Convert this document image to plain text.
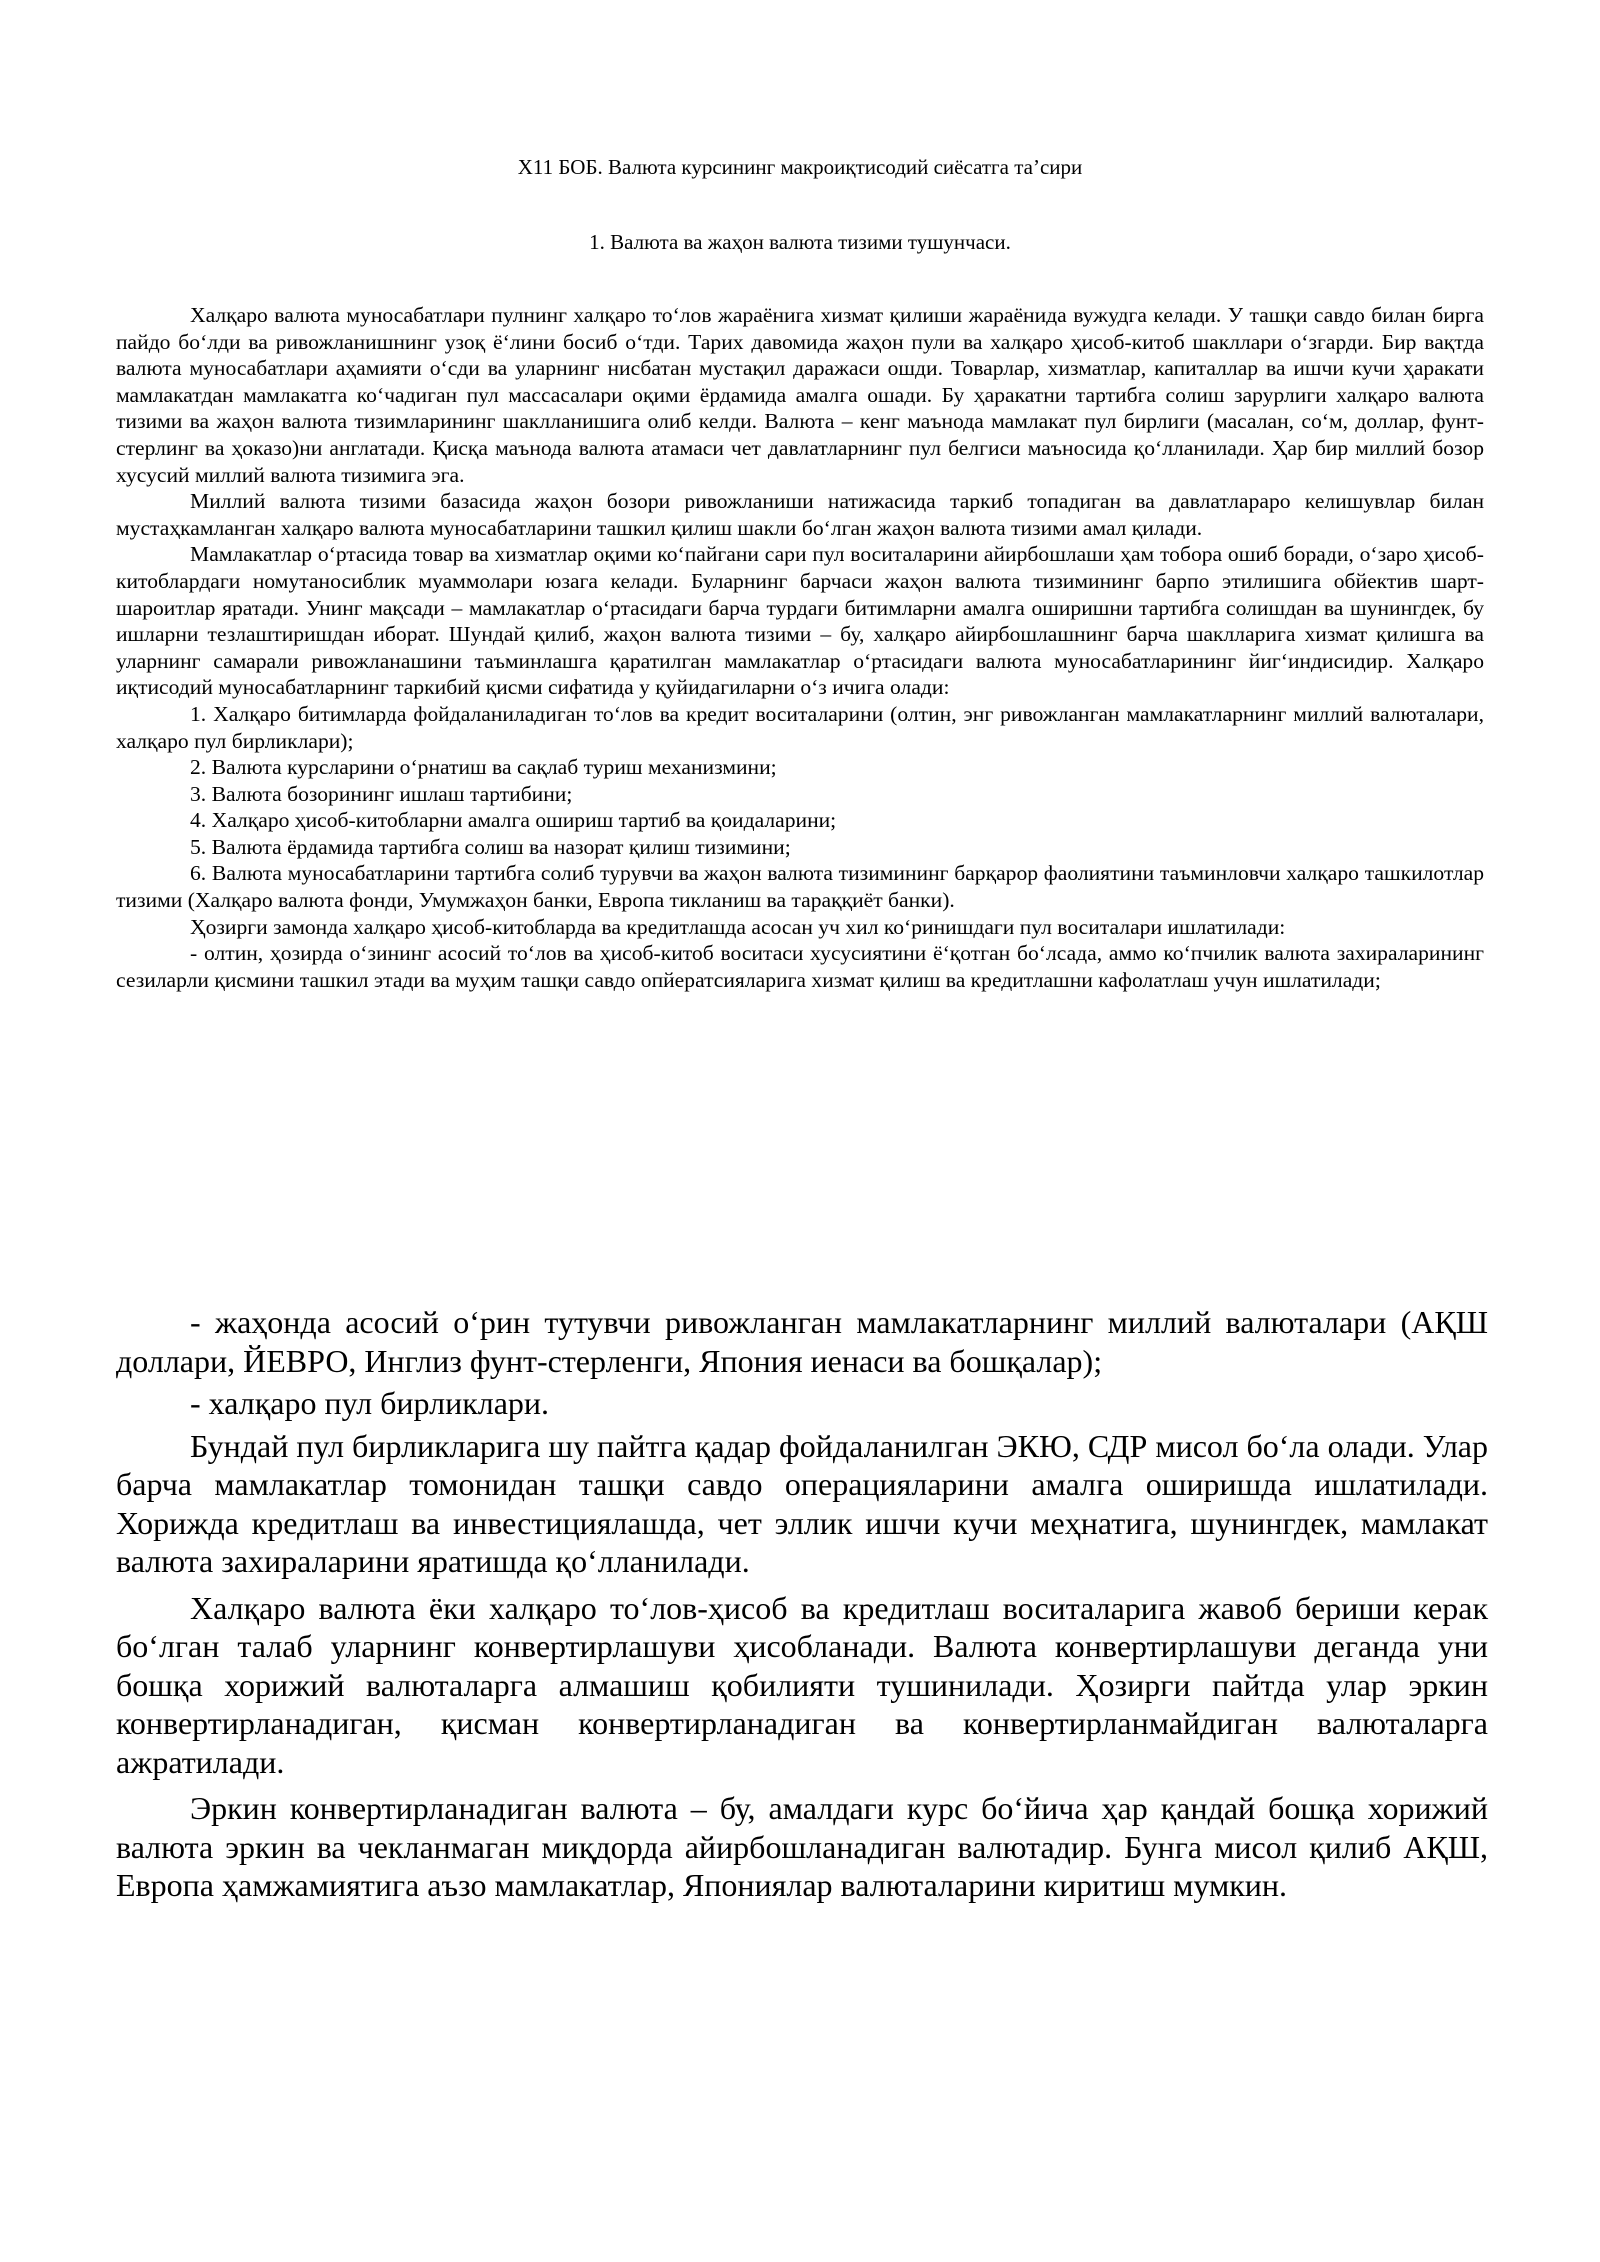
X11 БОБ. Валюта курсининг макроиқтисодий сиёсатга таʼсири
1. Валюта ва жаҳон валюта тизими тушунчаси.

Халқаро валюта муносабатлари пулнинг халқаро тоʻлов жараёнига хизмат қилиши жараёнида вужудга келади. У ташқи савдо билан бирга пайдо боʻлди ва ривожланишнинг узоқ ёʻлини босиб оʻтди. Тарих давомида жаҳон пули ва халқаро ҳисоб-китоб шакллари оʻзгарди. Бир вақтда валюта муносабатлари аҳамияти оʻсди ва уларнинг нисбатан мустақил даражаси ошди. Товарлар, хизматлар, капиталлар ва ишчи кучи ҳаракати мамлакатдан мамлакатга коʻчадиган пул массасалари оқими ёрдамида амалга ошади. Бу ҳаракатни тартибга солиш зарурлиги халқаро валюта тизими ва жаҳон валюта тизимларининг шаклланишига олиб келди. Валюта – кенг маънода мамлакат пул бирлиги (масалан, соʻм, доллар, фунт-стерлинг ва ҳоказо)ни англатади. Қисқа маънода валюта атамаси чет давлатларнинг пул белгиси маъносида қоʻлланилади. Ҳар бир миллий бозор хусусий миллий валюта тизимига эга.

Миллий валюта тизими базасида жаҳон бозори ривожланиши натижасида таркиб топадиган ва давлатлараро келишувлар билан мустаҳкамланган халқаро валюта муносабатларини ташкил қилиш шакли боʻлган жаҳон валюта тизими амал қилади.

Мамлакатлар оʻртасида товар ва хизматлар оқими коʻпайгани сари пул воситаларини айирбошлаши ҳам тобора ошиб боради, оʻзаро ҳисоб-китоблардаги номутаносиблик муаммолари юзага келади. Буларнинг барчаси жаҳон валюта тизимининг барпо этилишига обйектив шарт-шароитлар яратади. Унинг мақсади – мамлакатлар оʻртасидаги барча турдаги битимларни амалга оширишни тартибга солишдан ва шунингдек, бу ишларни тезлаштиришдан иборат. Шундай қилиб, жаҳон валюта тизими – бу, халқаро айирбошлашнинг барча шаклларига хизмат қилишга ва уларнинг самарали ривожланашини таъминлашга қаратилган мамлакатлар оʻртасидаги валюта муносабатларининг йигʻиндисидир. Халқаро иқтисодий муносабатларнинг таркибий қисми сифатида у қуйидагиларни оʻз ичига олади:

1. Халқаро битимларда фойдаланиладиган тоʻлов ва кредит воситаларини (олтин, энг ривожланган мамлакатларнинг миллий валюталари, халқаро пул бирликлари);

2. Валюта курсларини оʻрнатиш ва сақлаб туриш механизмини;

3. Валюта бозорининг ишлаш тартибини;

4. Халқаро ҳисоб-китобларни амалга ошириш тартиб ва қоидаларини;

5. Валюта ёрдамида тартибга солиш ва назорат қилиш тизимини;

6. Валюта муносабатларини тартибга солиб турувчи ва жаҳон валюта тизимининг барқарор фаолиятини таъминловчи халқаро ташкилотлар тизими (Халқаро валюта фонди, Умумжаҳон банки, Европа тикланиш ва тараққиёт банки).

Ҳозирги замонда халқаро ҳисоб-китобларда ва кредитлашда асосан уч хил коʻринишдаги пул воситалари ишлатилади:

- олтин, ҳозирда оʻзининг асосий тоʻлов ва ҳисоб-китоб воситаси хусусиятини ёʻқотган боʻлсада, аммо коʻпчилик валюта захираларининг сезиларли қисмини ташкил этади ва муҳим ташқи савдо опйератсияларига хизмат қилиш ва кредитлашни кафолатлаш учун ишлатилади;

- жаҳонда асосий оʻрин тутувчи ривожланган мамлакатларнинг миллий валюталари (АҚШ доллари, ЙЕВРО, Инглиз фунт-стерленги, Япония иенаси ва бошқалар);

- халқаро пул бирликлари.

Бундай пул бирликларига шу пайтга қадар фойдаланилган ЭКЮ, СДР мисол боʻла олади. Улар барча мамлакатлар томонидан ташқи савдо операцияларини амалга оширишда ишлатилади. Хорижда кредитлаш ва инвестициялашда, чет эллик ишчи кучи меҳнатига, шунингдек, мамлакат валюта захираларини яратишда қоʻлланилади.

Халқаро валюта ёки халқаро тоʻлов-ҳисоб ва кредитлаш воситаларига жавоб бериши керак боʻлган талаб уларнинг конвертирлашуви ҳисобланади. Валюта конвертирлашуви деганда уни бошқа хорижий валюталарга алмашиш қобилияти тушинилади. Ҳозирги пайтда улар эркин конвертирланадиган, қисман конвертирланадиган ва конвертирланмайдиган валюталарга ажратилади.

Эркин конвертирланадиган валюта – бу, амалдаги курс боʻйича ҳар қандай бошқа хорижий валюта эркин ва чекланмаган миқдорда айирбошланадиган валютадир. Бунга мисол қилиб АҚШ, Европа ҳамжамиятига аъзо мамлакатлар, Япониялар валюталарини киритиш мумкин.
